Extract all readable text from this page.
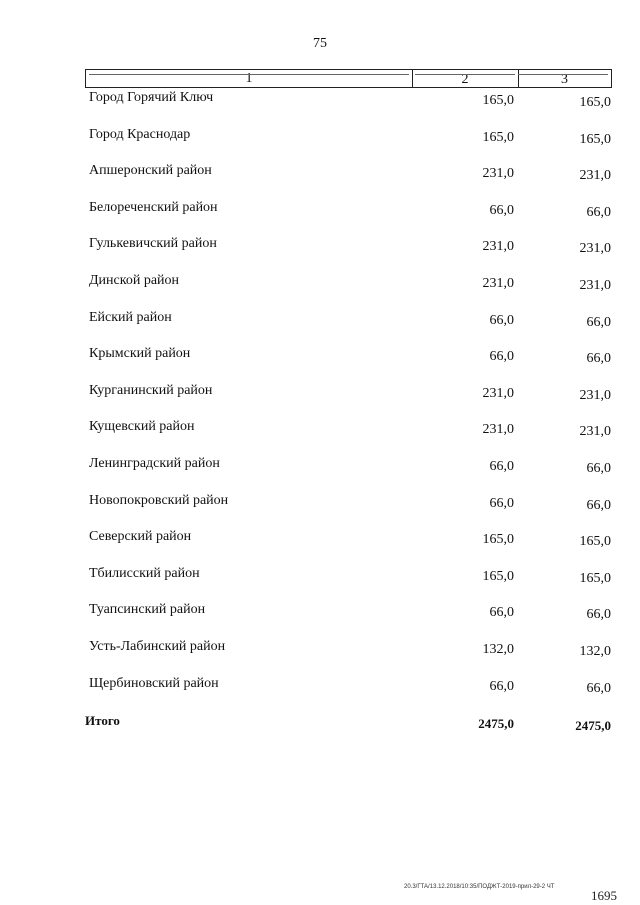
75
1	2	3
Город Горячий Ключ	165,0	165,0
Город Краснодар	165,0	165,0
Апшеронский район	231,0	231,0
Белореченский район	66,0	66,0
Гулькевичский район	231,0	231,0
Динской район	231,0	231,0
Ейский район	66,0	66,0
Крымский район	66,0	66,0
Курганинский район	231,0	231,0
Кущевский район	231,0	231,0
Ленинградский район	66,0	66,0
Новопокровский район	66,0	66,0
Северский район	165,0	165,0
Тбилисский район	165,0	165,0
Туапсинский район	66,0	66,0
Усть-Лабинский район	132,0	132,0
Щербиновский район	66,0	66,0
Итого	2475,0	2475,0
20.3/ГТА/13.12.2018/10:35/ПОДЖТ-2019-прил-29-2 ЧТ
1695
